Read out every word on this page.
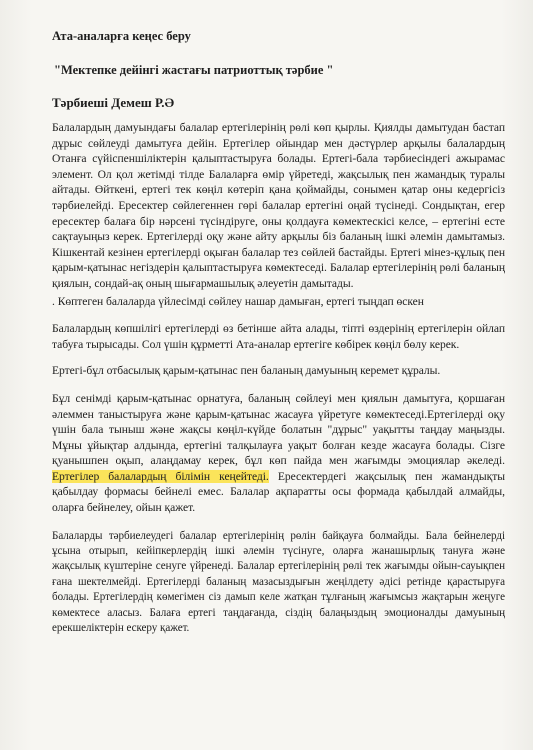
Ата-аналарға кеңес беру

"Мектепке дейінгі жастағы патриоттық тәрбие "

Тәрбиеші Демеш Р.Ә

Балалардың дамуындағы балалар ертегілерінің рөлі көп қырлы. Қиялды дамытудан бастап дұрыс сөйлеуді дамытуға дейін. Ертегілер ойындар мен дәстүрлер арқылы балалардың Отанға сүйіспеншіліктерін қалыптастыруға болады. Ертегі-бала тәрбиесіндегі ажырамас элемент. Ол қол жетімді тілде Балаларға өмір үйретеді, жақсылық пен жамандық туралы айтады. Өйткені, ертегі тек көңіл көтеріп қана қоймайды, сонымен қатар оны кедергісіз тәрбиелейді. Ересектер сөйлегеннен гөрі балалар ертегіні оңай түсінеді. Сондықтан, егер ересектер балаға бір нәрсені түсіндіруге, оны қолдауға көмектескісі келсе, – ертегіні есте сақтауыңыз керек. Ертегілерді оқу және айту арқылы біз баланың ішкі әлемін дамытамыз. Кішкентай кезінен ертегілерді оқыған балалар тез сөйлей бастайды. Ертегі мінез-құлық пен қарым-қатынас негіздерін қалыптастыруға көмектеседі. Балалар ертегілерінің рөлі баланың қиялын, сондай-ақ оның шығармашылық әлеуетін дамытады.

. Көптеген балаларда үйлесімді сөйлеу нашар дамыған, ертегі тыңдап өскен

Балалардың көпшілігі ертегілерді өз бетінше айта алады, тіпті өздерінің ертегілерін ойлап табуға тырысады. Сол үшін құрметті Ата-аналар ертегіге көбірек көңіл бөлу керек.

Ертегі-бұл отбасылық қарым-қатынас пен баланың дамуының керемет құралы.

Бұл сенімді қарым-қатынас орнатуға, баланың сөйлеуі мен қиялын дамытуға, қоршаған әлеммен таныстыруға және қарым-қатынас жасауға үйретуге көмектеседі.Ертегілерді оқу үшін бала тыныш және жақсы көңіл-күйде болатын "дұрыс" уақытты таңдау маңызды. Мұны ұйықтар алдында, ертегіні талқылауға уақыт болған кезде жасауға болады. Сізге қуанышпен оқып, алаңдамау керек, бұл көп пайда мен жағымды эмоциялар әкеледі. Ертегілер балалардың білімін кеңейтеді. Ересектердегі жақсылық пен жамандықты қабылдау формасы бейнелі емес. Балалар ақпаратты осы формада қабылдай алмайды, оларға бейнелеу, ойын қажет.

Балаларды тәрбиелеудегі балалар ертегілерінің рөлін байқауға болмайды. Бала бейнелерді ұсына отырып, кейіпкерлердің ішкі әлемін түсінуге, оларға жанашырлық тануға және жақсылық күштеріне сенуге үйренеді. Балалар ертегілерінің рөлі тек жағымды ойын-сауықпен ғана шектелмейді. Ертегілерді баланың мазасыздығын жеңілдету әдісі ретінде қарастыруға болады. Ертегілердің көмегімен сіз дамып келе жатқан тұлғаның жағымсыз жақтарын жеңуге көмектесе аласыз. Балаға ертегі таңдағанда, сіздің балаңыздың эмоционалды дамуының ерекшеліктерін ескеру қажет.
